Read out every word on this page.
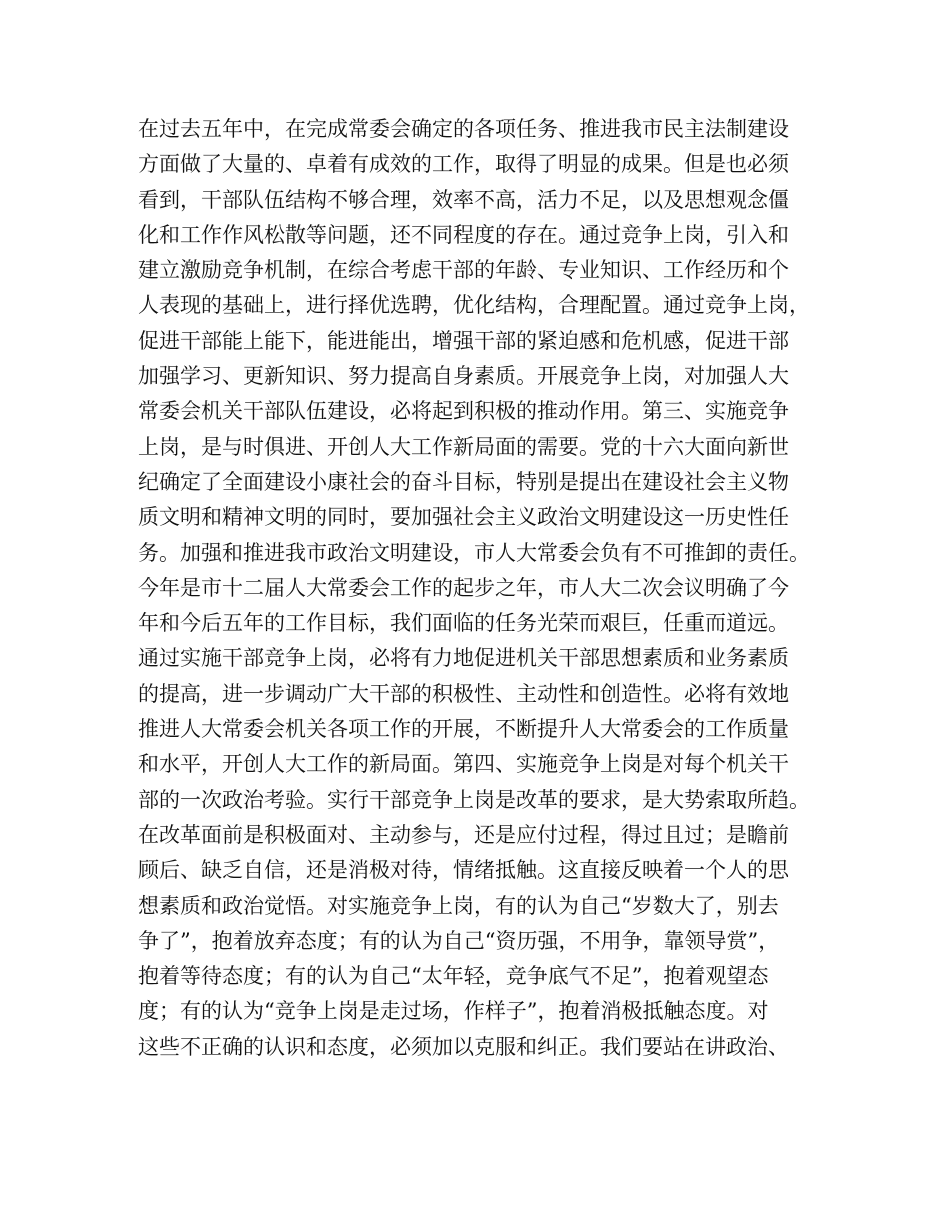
在过去五年中，在完成常委会确定的各项任务、推进我市民主法制建设
方面做了大量的、卓着有成效的工作，取得了明显的成果。但是也必须
看到，干部队伍结构不够合理，效率不高，活力不足，以及思想观念僵
化和工作作风松散等问题，还不同程度的存在。通过竞争上岗，引入和
建立激励竞争机制，在综合考虑干部的年龄、专业知识、工作经历和个
人表现的基础上，进行择优选聘，优化结构，合理配置。通过竞争上岗，
促进干部能上能下，能进能出，增强干部的紧迫感和危机感，促进干部
加强学习、更新知识、努力提高自身素质。开展竞争上岗，对加强人大
常委会机关干部队伍建设，必将起到积极的推动作用。第三、实施竞争
上岗，是与时俱进、开创人大工作新局面的需要。党的十六大面向新世
纪确定了全面建设小康社会的奋斗目标，特别是提出在建设社会主义物
质文明和精神文明的同时，要加强社会主义政治文明建设这一历史性任
务。加强和推进我市政治文明建设，市人大常委会负有不可推卸的责任。
今年是市十二届人大常委会工作的起步之年，市人大二次会议明确了今
年和今后五年的工作目标，我们面临的任务光荣而艰巨，任重而道远。
通过实施干部竞争上岗，必将有力地促进机关干部思想素质和业务素质
的提高，进一步调动广大干部的积极性、主动性和创造性。必将有效地
推进人大常委会机关各项工作的开展，不断提升人大常委会的工作质量
和水平，开创人大工作的新局面。第四、实施竞争上岗是对每个机关干
部的一次政治考验。实行干部竞争上岗是改革的要求，是大势索取所趋。
在改革面前是积极面对、主动参与，还是应付过程，得过且过；是瞻前
顾后、缺乏自信，还是消极对待，情绪抵触。这直接反映着一个人的思
想素质和政治觉悟。对实施竞争上岗，有的认为自己“岁数大了，别去
争了”，抱着放弃态度；有的认为自己“资历强，不用争，靠领导赏”，
抱着等待态度；有的认为自己“太年轻，竞争底气不足”，抱着观望态
度；有的认为“竞争上岗是走过场，作样子”，抱着消极抵触态度。对
这些不正确的认识和态度，必须加以克服和纠正。我们要站在讲政治、
